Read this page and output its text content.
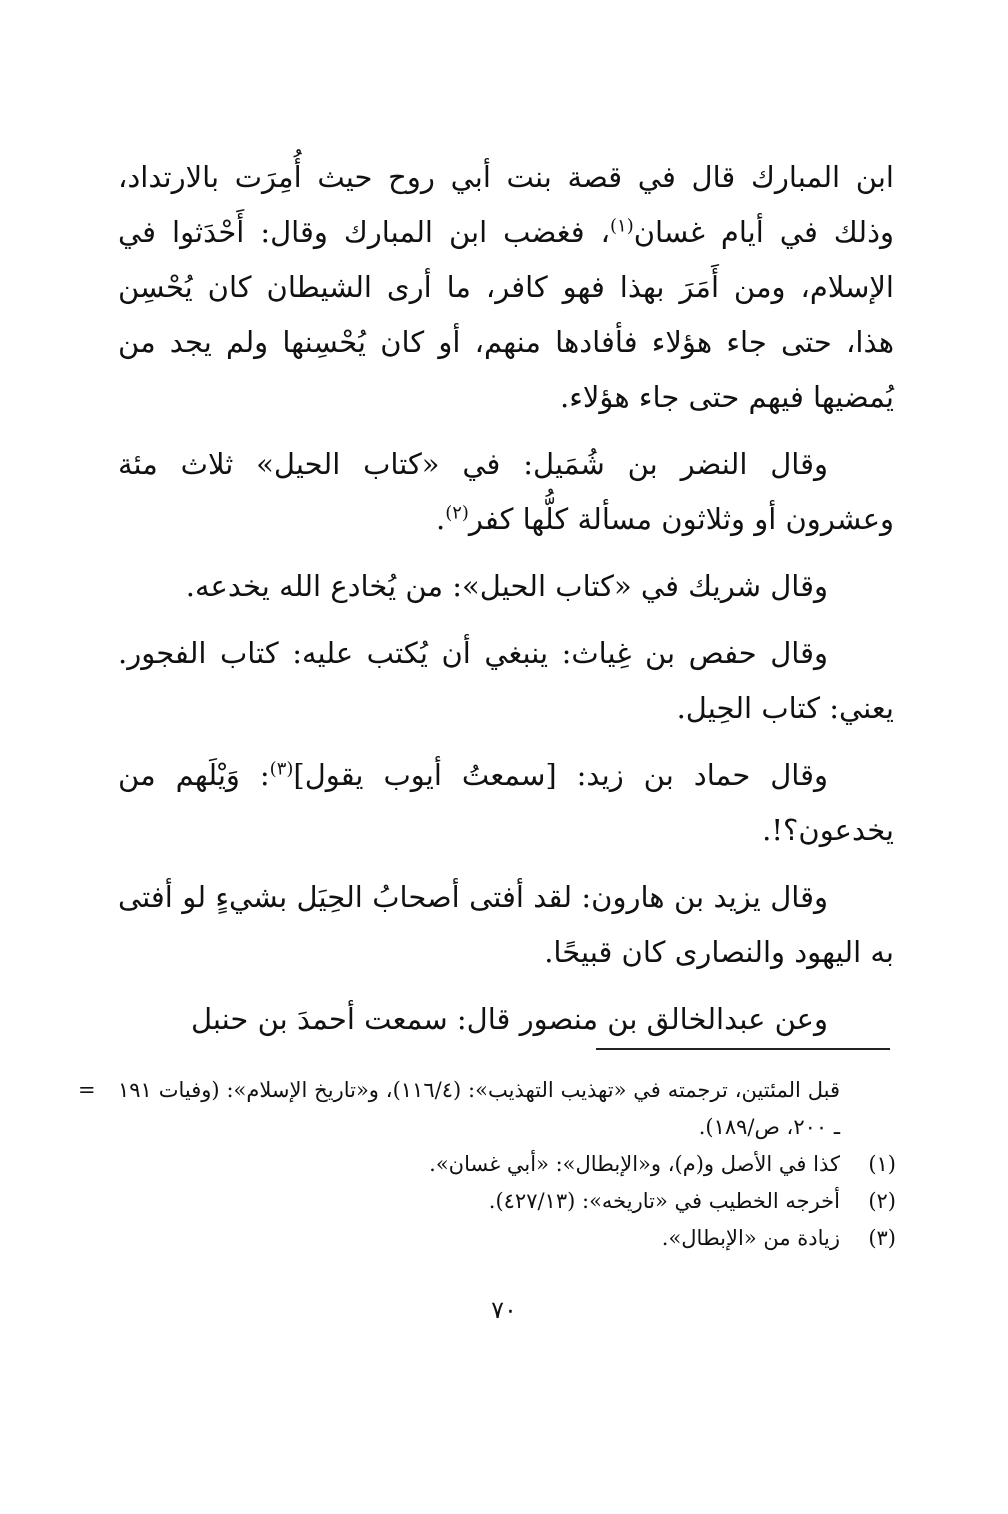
ابن المبارك قال في قصة بنت أبي روح حيث أُمِرَت بالارتداد، وذلك في أيام غسان$^{(١)}$، فغضب ابن المبارك وقال: أَحْدَثوا في الإسلام، ومن أَمَرَ بهذا فهو كافر، ما أرى الشيطان كان يُحْسِن هذا، حتى جاء هؤلاء فأفادها منهم، أو كان يُحْسِنها ولم يجد من يُمضيها فيهم حتى جاء هؤلاء.

وقال النضر بن شُمَيل: في «كتاب الحيل» ثلاث مئة وعشرون أو وثلاثون مسألة كلُّها كفر$^{(٢)}$.

وقال شريك في «كتاب الحيل»: من يُخادع الله يخدعه.

وقال حفص بن غِياث: ينبغي أن يُكتب عليه: كتاب الفجور. يعني: كتاب الحِيل.

وقال حماد بن زيد: [سمعتُ أيوب يقول]$^{(٣)}$: وَيْلَهم من يخدعون؟!.

وقال يزيد بن هارون: لقد أفتى أصحابُ الحِيَل بشيءٍ لو أفتى به اليهود والنصارى كان قبيحًا.

وعن عبدالخالق بن منصور قال: سمعت أحمدَ بن حنبل

قبل المئتين، ترجمته في «تهذيب التهذيب»: (١١٦/٤)، و«تاريخ الإسلام»: (وفيات ١٩١ ـ ٢٠٠، ص/١٨٩).
=
(١)
كذا في الأصل و(م)، و«الإبطال»: «أبي غسان».
(٢)
أخرجه الخطيب في «تاريخه»: (٤٢٧/١٣).
(٣)
زيادة من «الإبطال».
٧٠
